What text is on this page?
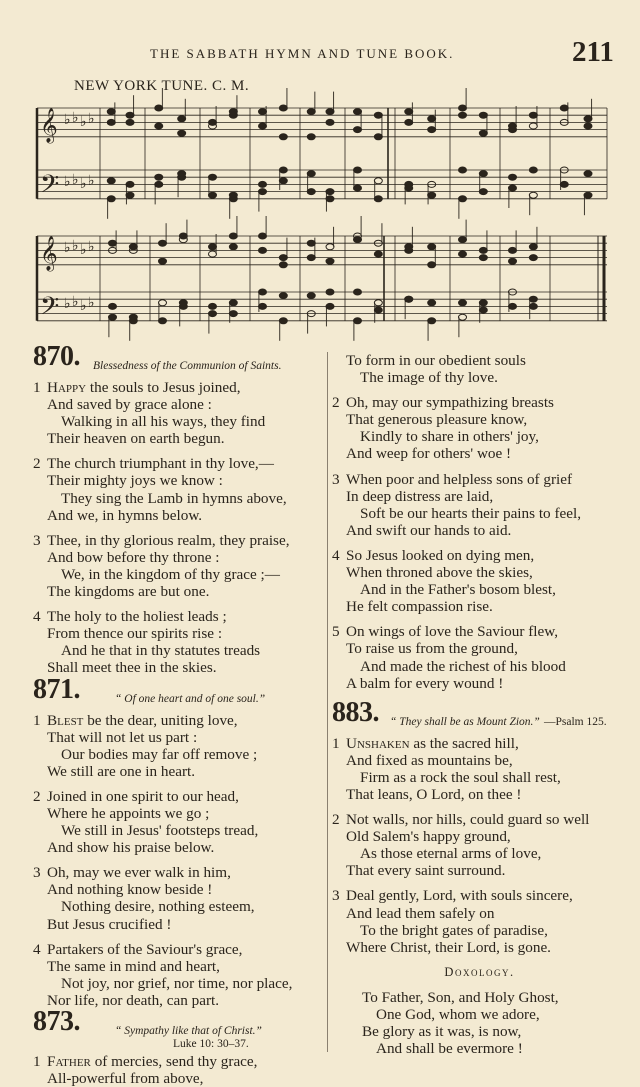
THE SABBATH HYMN AND TUNE BOOK.	211
NEW YORK TUNE. C. M.
𝄞
𝄢
𝄞
𝄢
♭ ♭ ♭ ♭
♭ ♭ ♭ ♭
♭ ♭ ♭ ♭
♭ ♭ ♭ ♭
870. Blessedness of the Communion of Saints.
1 Happy the souls to Jesus joined,
And saved by grace alone :
Walking in all his ways, they find
Their heaven on earth begun.
2 The church triumphant in thy love,—
Their mighty joys we know :
They sing the Lamb in hymns above,
And we, in hymns below.
3 Thee, in thy glorious realm, they praise,
And bow before thy throne :
We, in the kingdom of thy grace ;—
The kingdoms are but one.
4 The holy to the holiest leads ;
From thence our spirits rise :
And he that in thy statutes treads
Shall meet thee in the skies.
871.	“ Of one heart and of one soul.”
1 Blest be the dear, uniting love,
That will not let us part :
Our bodies may far off remove ;
We still are one in heart.
2 Joined in one spirit to our head,
Where he appoints we go ;
We still in Jesus' footsteps tread,
And show his praise below.
3 Oh, may we ever walk in him,
And nothing know beside !
Nothing desire, nothing esteem,
But Jesus crucified !
4 Partakers of the Saviour's grace,
The same in mind and heart,
Not joy, nor grief, nor time, nor place,
Nor life, nor death, can part.
873.	“ Sympathy like that of Christ.”
Luke 10: 30–37.
1 Father of mercies, send thy grace,
All-powerful from above,
To form in our obedient souls
The image of thy love.
2 Oh, may our sympathizing breasts
That generous pleasure know,
Kindly to share in others' joy,
And weep for others' woe !
3 When poor and helpless sons of grief
In deep distress are laid,
Soft be our hearts their pains to feel,
And swift our hands to aid.
4 So Jesus looked on dying men,
When throned above the skies,
And in the Father's bosom blest,
He felt compassion rise.
5 On wings of love the Saviour flew,
To raise us from the ground,
And made the richest of his blood
A balm for every wound !
883. “ They shall be as Mount Zion.” —Psalm 125.
1 Unshaken as the sacred hill,
And fixed as mountains be,
Firm as a rock the soul shall rest,
That leans, O Lord, on thee !
2 Not walls, nor hills, could guard so well
Old Salem's happy ground,
As those eternal arms of love,
That every saint surround.
3 Deal gently, Lord, with souls sincere,
And lead them safely on
To the bright gates of paradise,
Where Christ, their Lord, is gone.
Doxology.
To Father, Son, and Holy Ghost,
One God, whom we adore,
Be glory as it was, is now,
And shall be evermore !
